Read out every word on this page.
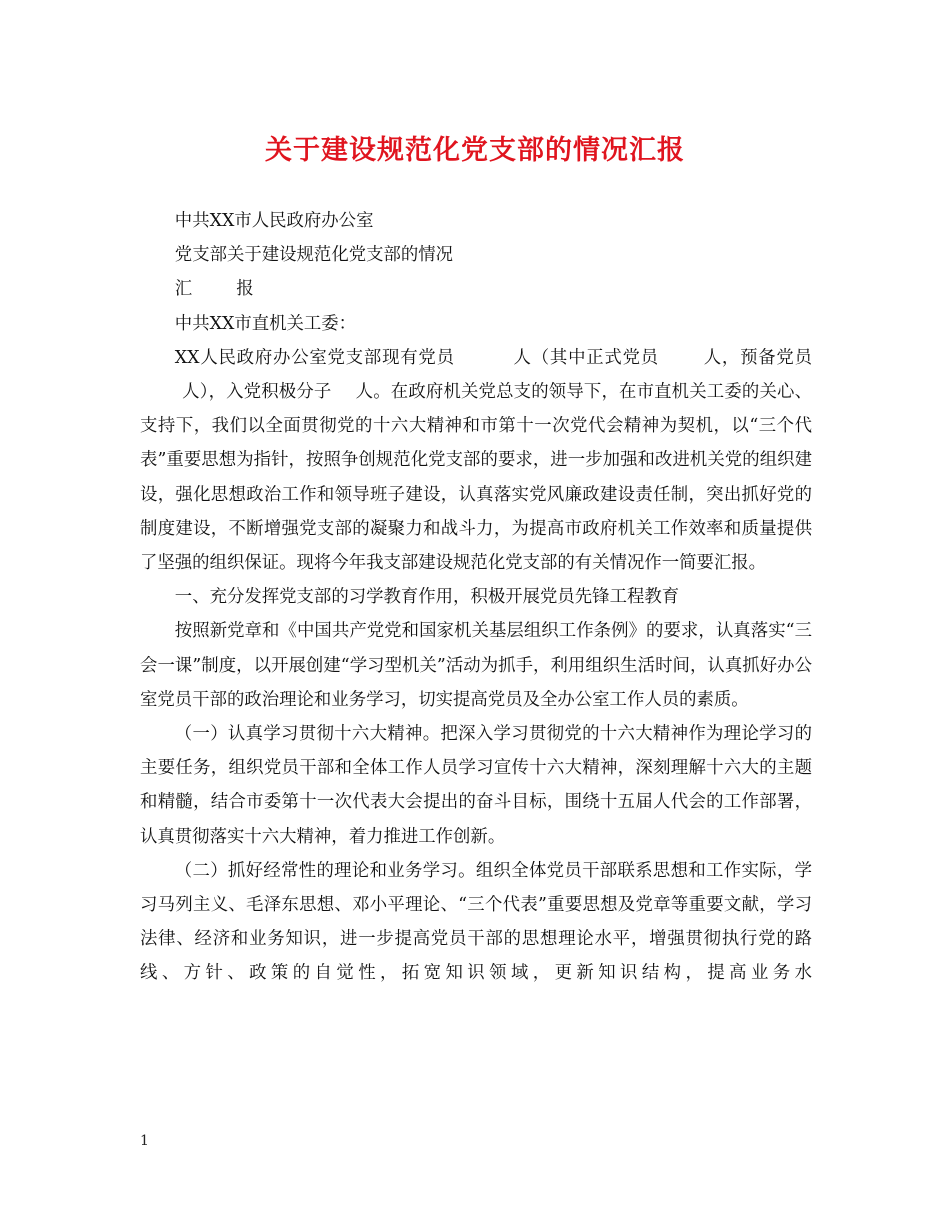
关于建设规范化党支部的情况汇报

中共XX市人民政府办公室

党支部关于建设规范化党支部的情况

汇	报

中共XX市直机关工委：

XX人民政府办公室党支部现有党员	人（其中正式党员	人，预备党员人），入党积极分子 人。在政府机关党总支的领导下，在市直机关工委的关心、支持下，我们以全面贯彻党的十六大精神和市第十一次党代会精神为契机，以“三个代表”重要思想为指针，按照争创规范化党支部的要求，进一步加强和改进机关党的组织建设，强化思想政治工作和领导班子建设，认真落实党风廉政建设责任制，突出抓好党的制度建设，不断增强党支部的凝聚力和战斗力，为提高市政府机关工作效率和质量提供了坚强的组织保证。现将今年我支部建设规范化党支部的有关情况作一简要汇报。

一、充分发挥党支部的习学教育作用，积极开展党员先锋工程教育

按照新党章和《中国共产党党和国家机关基层组织工作条例》的要求，认真落实“三会一课”制度，以开展创建“学习型机关”活动为抓手，利用组织生活时间，认真抓好办公室党员干部的政治理论和业务学习，切实提高党员及全办公室工作人员的素质。

（一）认真学习贯彻十六大精神。把深入学习贯彻党的十六大精神作为理论学习的主要任务，组织党员干部和全体工作人员学习宣传十六大精神，深刻理解十六大的主题和精髓，结合市委第十一次代表大会提出的奋斗目标，围绕十五届人代会的工作部署，认真贯彻落实十六大精神，着力推进工作创新。

（二）抓好经常性的理论和业务学习。组织全体党员干部联系思想和工作实际，学习马列主义、毛泽东思想、邓小平理论、“三个代表”重要思想及党章等重要文献，学习法律、经济和业务知识，进一步提高党员干部的思想理论水平，增强贯彻执行党的路线、方针、政策的自觉性，拓宽知识领域，更新知识结构，提高业务水

1
